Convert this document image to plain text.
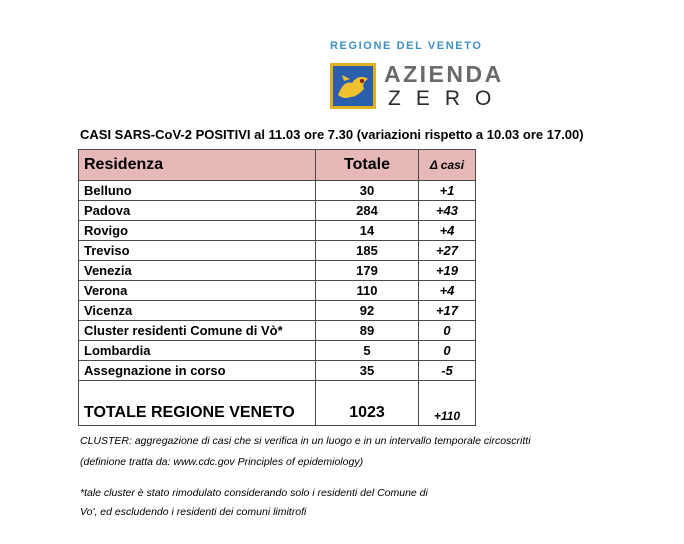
REGIONE DEL VENETO
AZIENDA
ZERO
CASI SARS-CoV-2 POSITIVI al 11.03 ore 7.30 (variazioni rispetto a 10.03 ore 17.00)
Residenza	Totale	Δ casi
Belluno	30	+1
Padova	284	+43
Rovigo	14	+4
Treviso	185	+27
Venezia	179	+19
Verona	110	+4
Vicenza	92	+17
Cluster residenti Comune di Vò*	89	0
Lombardia	5	0
Assegnazione in corso	35	-5
TOTALE REGIONE VENETO	1023	+110
CLUSTER: aggregazione di casi che si verifica in un luogo e in un intervallo temporale circoscritti
(definione tratta da: www.cdc.gov Principles of epidemiology)
*tale cluster è stato rimodulato considerando solo i residenti del Comune di
Vo', ed escludendo i residenti dei comuni limitrofi
